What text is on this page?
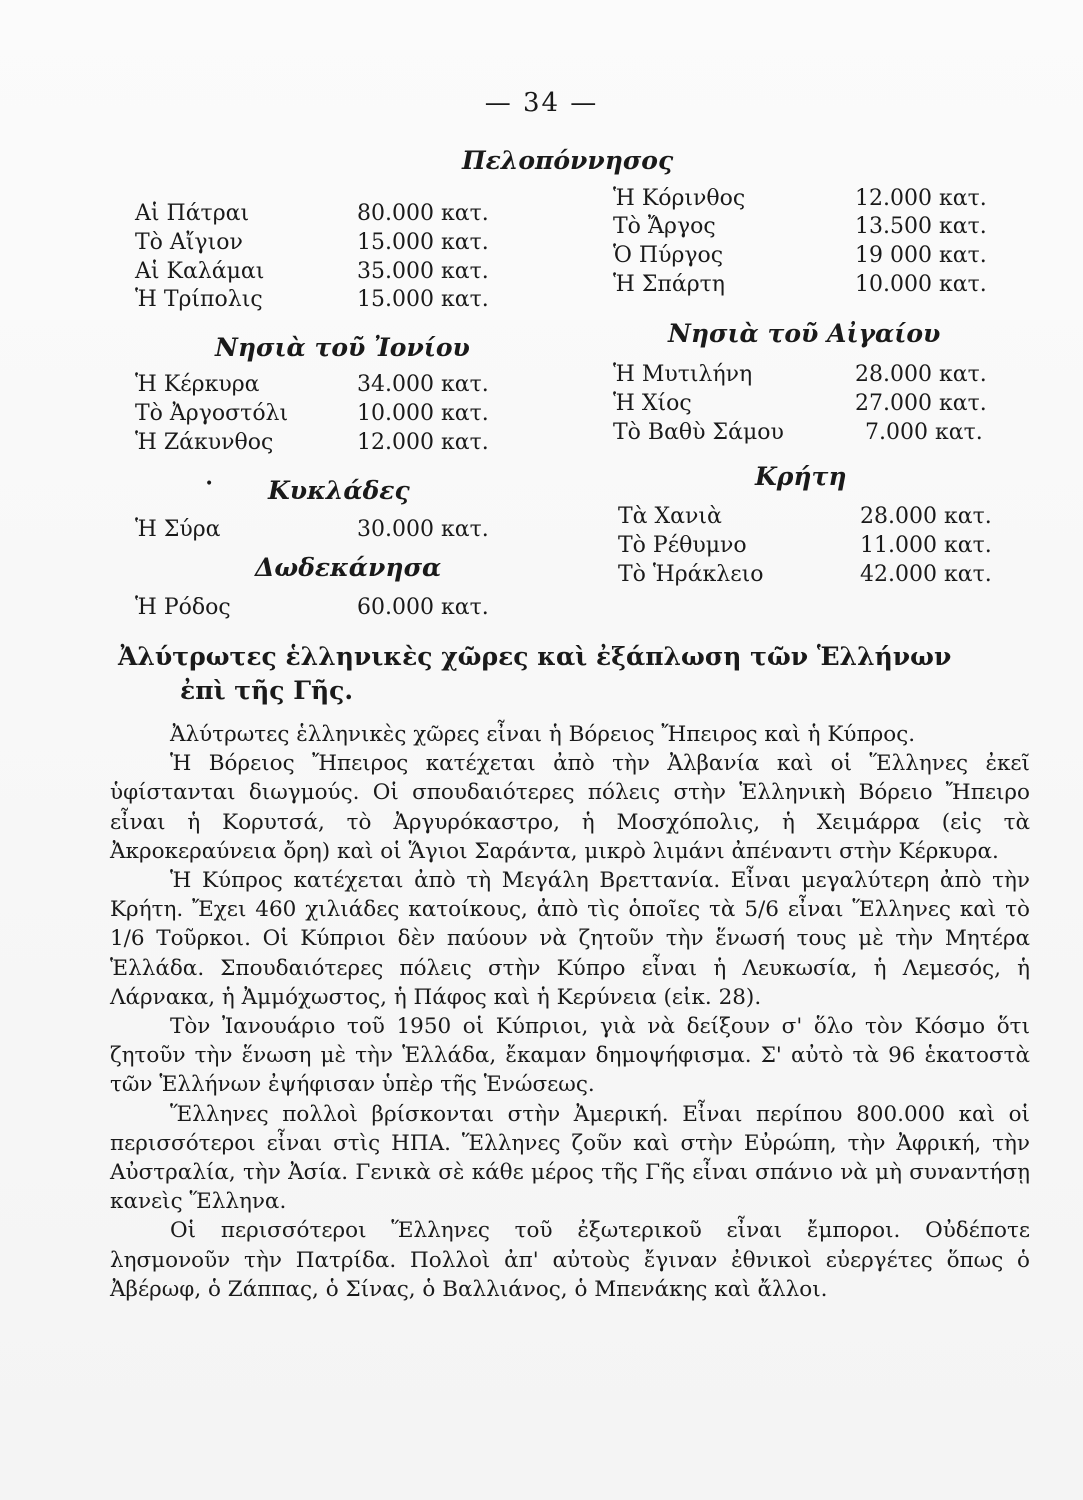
— 34 —
Πελοπόννησος
Αἱ Πάτραι	80.000 κατ.
Τὸ Αἴγιον	15.000 κατ.
Αἱ Καλάμαι	35.000 κατ.
Ἡ Τρίπολις	15.000 κατ.
Ἡ Κόρινθος	12.000 κατ.
Τὸ Ἄργος	13.500 κατ.
Ὁ Πύργος	19 000 κατ.
Ἡ Σπάρτη	10.000 κατ.
Νησιὰ τοῦ Ἰονίου
Ἡ Κέρκυρα	34.000 κατ.
Τὸ Ἀργοστόλι	10.000 κατ.
Ἡ Ζάκυνθος	12.000 κατ.
Νησιὰ τοῦ Αἰγαίου
Ἡ Μυτιλήνη	28.000 κατ.
Ἡ Χίος	27.000 κατ.
Τὸ Βαθὺ Σάμου	7.000 κατ.
• Κυκλάδες
Ἡ Σύρα	30.000 κατ.
Κρήτη
Τὰ Χανιὰ	28.000 κατ.
Τὸ Ρέθυμνο	11.000 κατ.
Τὸ Ἡράκλειο	42.000 κατ.
Δωδεκάνησα
Ἡ Ρόδος	60.000 κατ.
Ἀλύτρωτες ἑλληνικὲς χῶρες καὶ ἐξάπλωση τῶν Ἑλλήνων
ἐπὶ τῆς Γῆς.

Ἀλύτρωτες ἑλληνικὲς χῶρες εἶναι ἡ Βόρειος Ἤπειρος καὶ ἡ Κύπρος.

Ἡ Βόρειος Ἤπειρος κατέχεται ἀπὸ τὴν Ἀλβανία καὶ οἱ Ἕλληνες ἐκεῖ ὑφίστανται διωγμούς. Οἱ σπουδαιότερες πόλεις στὴν Ἑλληνικὴ Βόρειο Ἤπειρο εἶναι ἡ Κορυτσά, τὸ Ἀργυρόκαστρο, ἡ Μοσχόπολις, ἡ Χειμάρρα (εἰς τὰ Ἀκροκεραύνεια ὄρη) καὶ οἱ Ἅγιοι Σαράντα, μικρὸ λιμάνι ἀπέναντι στὴν Κέρκυρα.

Ἡ Κύπρος κατέχεται ἀπὸ τὴ Μεγάλη Βρεττανία. Εἶναι μεγαλύτερη ἀπὸ τὴν Κρήτη. Ἔχει 460 χιλιάδες κατοίκους, ἀπὸ τὶς ὁποῖες τὰ 5/6 εἶναι Ἕλληνες καὶ τὸ 1/6 Τοῦρκοι. Οἱ Κύπριοι δὲν παύουν νὰ ζητοῦν τὴν ἕνωσή τους μὲ τὴν Μητέρα Ἑλλάδα. Σπουδαιότερες πόλεις στὴν Κύπρο εἶναι ἡ Λευκωσία, ἡ Λεμεσός, ἡ Λάρνακα, ἡ Ἀμμόχωστος, ἡ Πάφος καὶ ἡ Κερύνεια (εἰκ. 28).

Τὸν Ἰανουάριο τοῦ 1950 οἱ Κύπριοι, γιὰ νὰ δείξουν σ' ὅλο τὸν Κόσμο ὅτι ζητοῦν τὴν ἕνωση μὲ τὴν Ἑλλάδα, ἔκαμαν δημοψήφισμα. Σ' αὐτὸ τὰ 96 ἑκατοστὰ τῶν Ἑλλήνων ἐψήφισαν ὑπὲρ τῆς Ἑνώσεως.

Ἕλληνες πολλοὶ βρίσκονται στὴν Ἀμερική. Εἶναι περίπου 800.000 καὶ οἱ περισσότεροι εἶναι στὶς ΗΠΑ. Ἕλληνες ζοῦν καὶ στὴν Εὐρώπη, τὴν Ἀφρική, τὴν Αὐστραλία, τὴν Ἀσία. Γενικὰ σὲ κάθε μέρος τῆς Γῆς εἶναι σπάνιο νὰ μὴ συναντήσῃ κανεὶς Ἕλληνα.

Οἱ περισσότεροι Ἕλληνες τοῦ ἐξωτερικοῦ εἶναι ἔμποροι. Οὐδέποτε λησμονοῦν τὴν Πατρίδα. Πολλοὶ ἀπ' αὐτοὺς ἔγιναν ἐθνικοὶ εὐεργέτες ὅπως ὁ Ἀβέρωφ, ὁ Ζάππας, ὁ Σίνας, ὁ Βαλλιάνος, ὁ Μπενάκης καὶ ἄλλοι.
